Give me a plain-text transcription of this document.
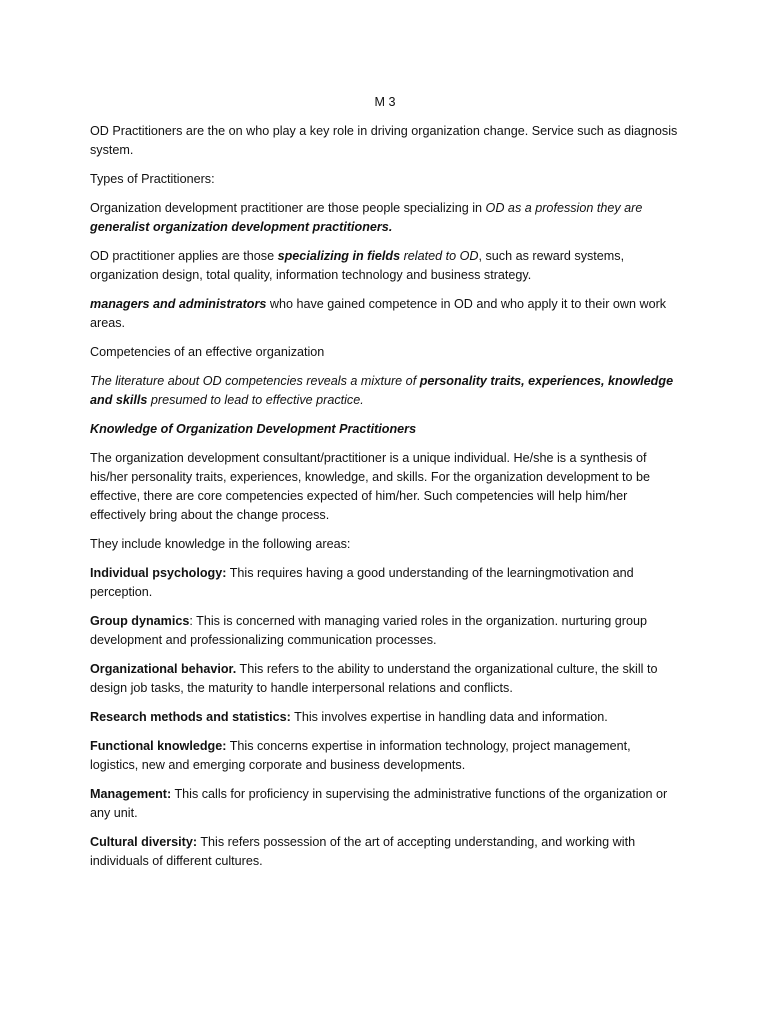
M 3

OD Practitioners are the on who play a key role in driving organization change. Service such as diagnosis system.

Types of Practitioners:

Organization development practitioner are those people specializing in OD as a profession they are generalist organization development practitioners.

OD practitioner applies are those specializing in fields related to OD, such as reward systems, organization design, total quality, information technology and business strategy.

managers and administrators who have gained competence in OD and who apply it to their own work areas.

Competencies of an effective organization

The literature about OD competencies reveals a mixture of personality traits, experiences, knowledge and skills presumed to lead to effective practice.

Knowledge of Organization Development Practitioners

The organization development consultant/practitioner is a unique individual. He/she is a synthesis of his/her personality traits, experiences, knowledge, and skills. For the organization development to be effective, there are core competencies expected of him/her. Such competencies will help him/her effectively bring about the change process.

They include knowledge in the following areas:

Individual psychology: This requires having a good understanding of the learningmotivation and perception.

Group dynamics: This is concerned with managing varied roles in the organization. nurturing group development and professionalizing communication processes.

Organizational behavior. This refers to the ability to understand the organizational culture, the skill to design job tasks, the maturity to handle interpersonal relations and conflicts.

Research methods and statistics: This involves expertise in handling data and information.

Functional knowledge: This concerns expertise in information technology, project management, logistics, new and emerging corporate and business developments.

Management: This calls for proficiency in supervising the administrative functions of the organization or any unit.

Cultural diversity: This refers possession of the art of accepting understanding, and working with individuals of different cultures.
